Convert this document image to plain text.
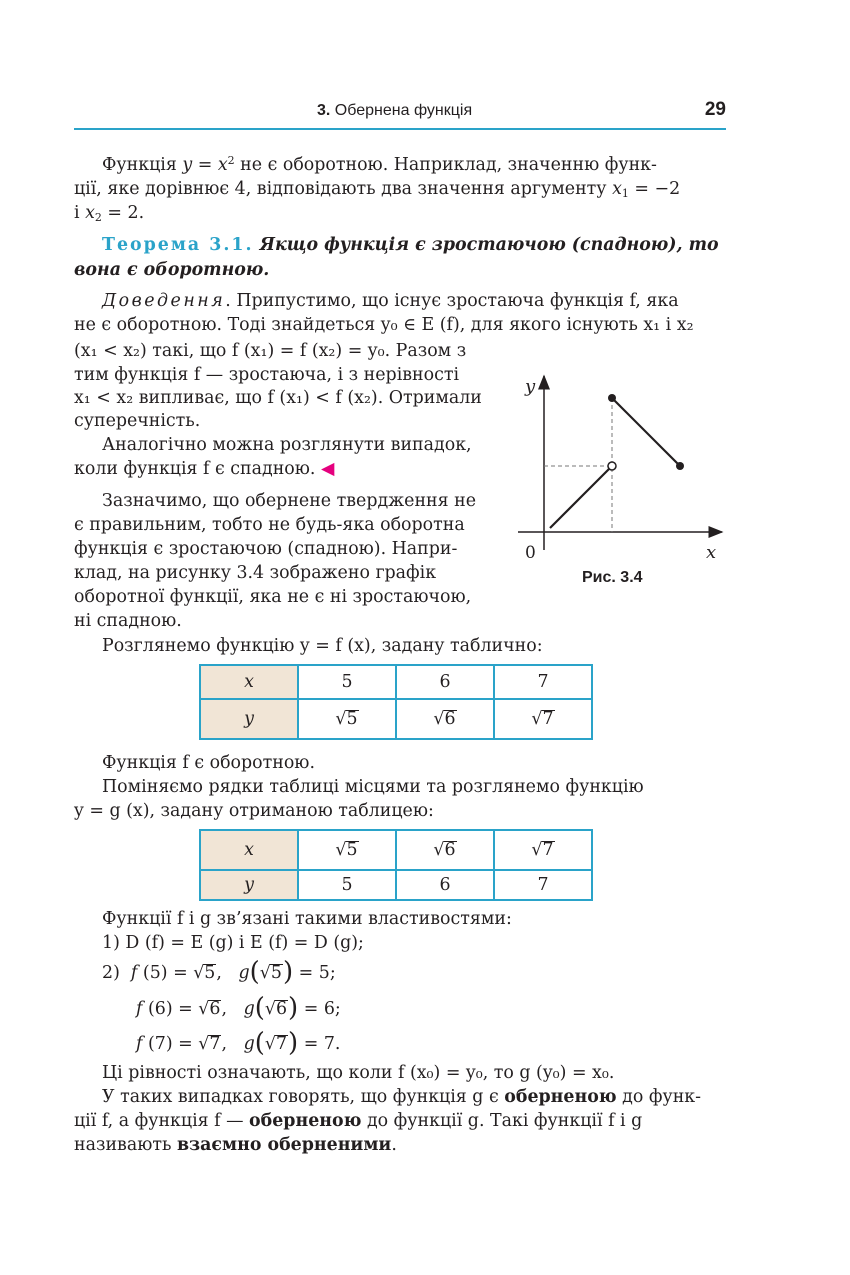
3. Обернена функція	29
Функція $y = x^2$ не є оборотною. Наприклад, значенню функ-
ції, яке дорівнює 4, відповідають два значення аргументу $x_1 = -2$
і $x_2 = 2$.
Теорема 3.1. Якщо функція є зростаючою (спадною), то
вона є оборотною.
Доведення. Припустимо, що існує зростаюча функція f, яка
не є оборотною. Тоді знайдеться y₀ ∈ E (f), для якого існують x₁ і x₂
(x₁ < x₂) такі, що f (x₁) = f (x₂) = y₀. Разом з
тим функція f — зростаюча, і з нерівності
x₁ < x₂ випливає, що f (x₁) < f (x₂). Отримали
суперечність.
Аналогічно можна розглянути випадок,
коли функція f є спадною. ◀
Зазначимо, що обернене твердження не
є правильним, тобто не будь-яка оборотна
функція є зростаючою (спадною). Напри-
клад, на рисунку 3.4 зображено графік
оборотної функції, яка не є ні зростаючою,
ні спадною.
y
x
0
Рис. 3.4
Розглянемо функцію y = f (x), задану таблично:
x	5	6	7
y	√5	√6	√7
Функція f є оборотною.
Поміняємо рядки таблиці місцями та розглянемо функцію
y = g (x), задану отриманою таблицею:
x	√5	√6	√7
y	5	6	7
Функції f і g зв’язані такими властивостями:
1) D (f) = E (g) і E (f) = D (g);
2) f (5) = √5,   g(√5) = 5;
f (6) = √6,   g(√6) = 6;
f (7) = √7,   g(√7) = 7.
Ці рівності означають, що коли f (x₀) = y₀, то g (y₀) = x₀.
У таких випадках говорять, що функція g є оберненою до функ-
ції f, а функція f — оберненою до функції g. Такі функції f і g
називають взаємно оберненими.
